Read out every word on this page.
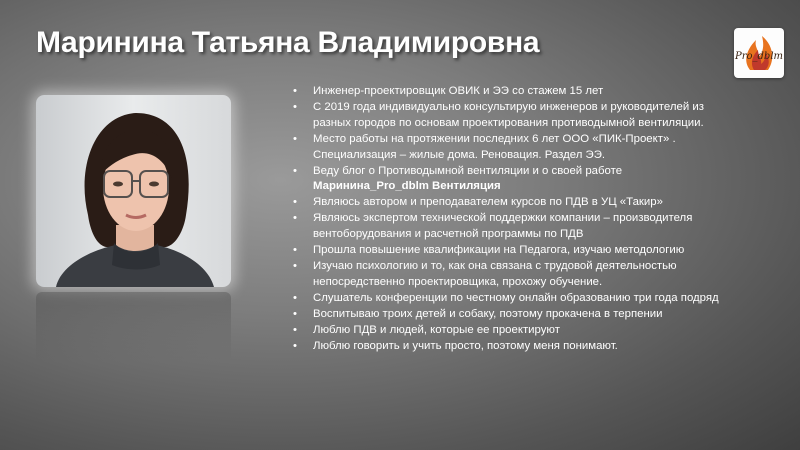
Маринина Татьяна Владимировна	Pro_dblm
• Инженер-проектировщик ОВИК и ЭЭ со стажем 15 лет
• С 2019 года индивидуально консультирую инженеров и руководителей из разных городов по основам проектирования противодымной вентиляции.
• Место работы на протяжении последних 6 лет ООО «ПИК-Проект» . Специализация – жилые дома. Реновация. Раздел ЭЭ.
• Веду блог о Противодымной вентиляции и о своей работе
Маринина_Pro_dblm Вентиляция
• Являюсь автором и преподавателем курсов по ПДВ в УЦ «Такир»
• Являюсь экспертом технической поддержки компании – производителя вентоборудования и расчетной программы по ПДВ
• Прошла повышение квалификации на Педагога, изучаю методологию
• Изучаю психологию и то, как она связана с трудовой деятельностью непосредственно проектировщика, прохожу обучение.
• Слушатель конференции по честному онлайн образованию три года подряд
• Воспитываю троих детей и собаку, поэтому прокачена в терпении
• Люблю ПДВ и людей, которые ее проектируют
• Люблю говорить и учить просто, поэтому меня понимают.
